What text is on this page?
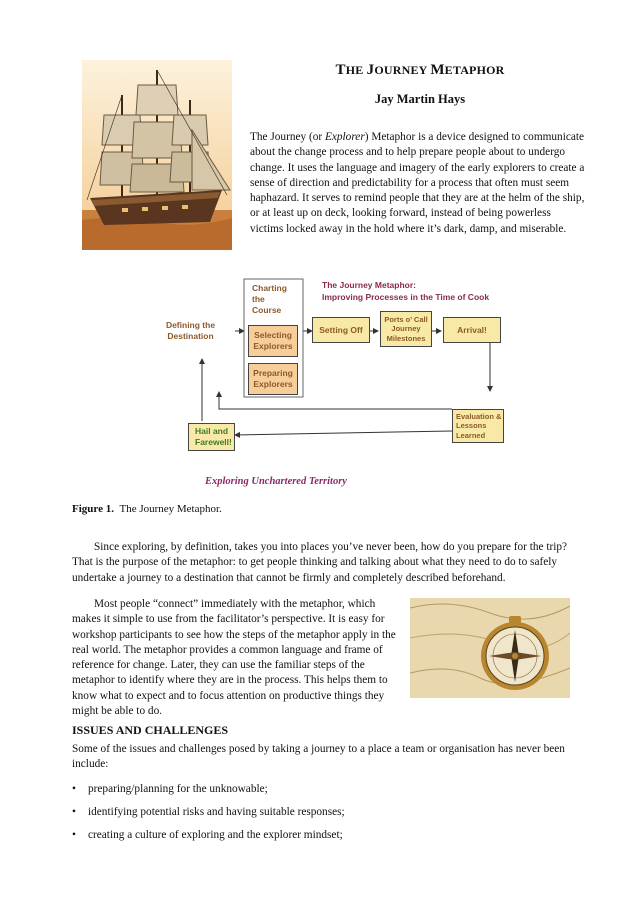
THE JOURNEY METAPHOR
Jay Martin Hays
The Journey (or Explorer) Metaphor is a device designed to communicate about the change process and to help prepare people about to undergo change. It uses the language and imagery of the early explorers to create a sense of direction and predictability for a process that often must seem haphazard. It serves to remind people that they are at the helm of the ship, or at least up on deck, looking forward, instead of being powerless victims locked away in the hold where it’s dark, damp, and miserable.
The Journey Metaphor:
Improving Processes in the Time of Cook
Defining the Destination
Charting the Course
Selecting Explorers
Preparing Explorers
Setting Off
Ports o’ Call Journey Milestones
Arrival!
Evaluation & Lessons Learned
Hail and Farewell!
Exploring Unchartered Territory
Figure 1. The Journey Metaphor.
Since exploring, by definition, takes you into places you’ve never been, how do you prepare for the trip? That is the purpose of the metaphor: to get people thinking and talking about what they need to do to safely undertake a journey to a destination that cannot be firmly and completely described beforehand.
Most people “connect” immediately with the metaphor, which makes it simple to use from the facilitator’s perspective. It is easy for workshop participants to see how the steps of the metaphor apply in the real world. The metaphor provides a common language and frame of reference for change. Later, they can use the familiar steps of the metaphor to identify where they are in the process. This helps them to know what to expect and to focus attention on productive things they might be able to do.
ISSUES AND CHALLENGES
Some of the issues and challenges posed by taking a journey to a place a team or organisation has never been include:
• preparing/planning for the unknowable;
• identifying potential risks and having suitable responses;
• creating a culture of exploring and the explorer mindset;
